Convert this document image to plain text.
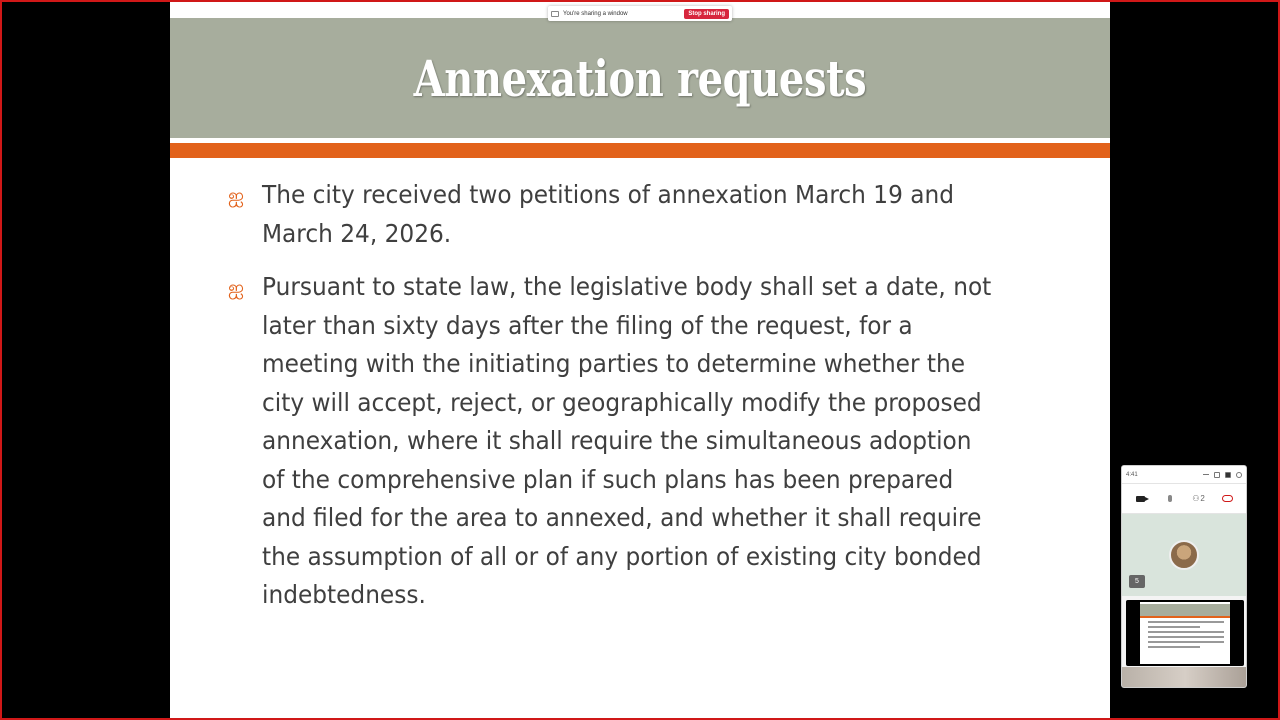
Annexation requests
ஐ The city received two petitions of annexation March 19 and March 24, 2026.
ஐ Pursuant to state law, the legislative body shall set a date, not later than sixty days after the filing of the request, for a meeting with the initiating parties to determine whether the city will accept, reject, or geographically modify the proposed annexation, where it shall require the simultaneous adoption of the comprehensive plan if such plans has been prepared and filed for the area to annexed, and whether it shall require the assumption of all or of any portion of existing city bonded indebtedness.
You're sharing a window	Stop sharing
4:41
⚇ 2
5
